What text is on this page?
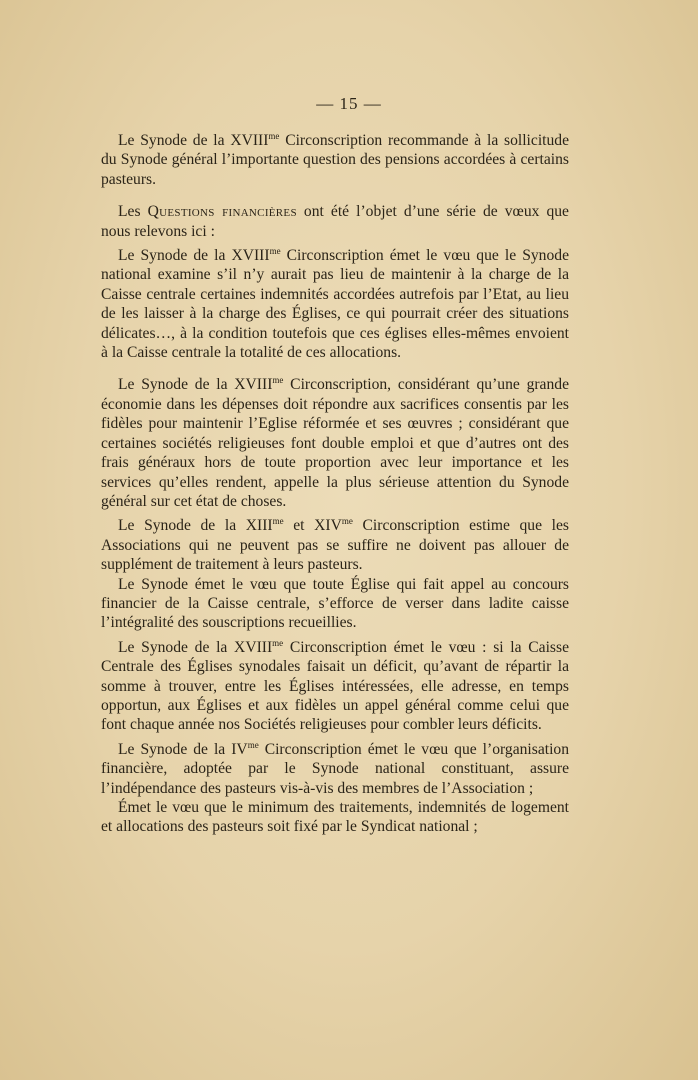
— 15 —

Le Synode de la $XVIII^{me}$ Circonscription recommande à la sollicitude du Synode général l’importante question des pensions accordées à certains pasteurs.

Les Questions financières ont été l’objet d’une série de vœux que nous relevons ici :

Le Synode de la $XVIII^{me}$ Circonscription émet le vœu que le Synode national examine s’il n’y aurait pas lieu de maintenir à la charge de la Caisse centrale certaines indemnités accordées autrefois par l’Etat, au lieu de les laisser à la charge des Églises, ce qui pourrait créer des situations délicates…, à la condition toutefois que ces églises elles-mêmes envoient à la Caisse centrale la totalité de ces allocations.

Le Synode de la $XVIII^{me}$ Circonscription, considérant qu’une grande économie dans les dépenses doit répondre aux sacrifices consentis par les fidèles pour maintenir l’Eglise réformée et ses œuvres ; considérant que certaines sociétés religieuses font double emploi et que d’autres ont des frais généraux hors de toute proportion avec leur importance et les services qu’elles rendent, appelle la plus sérieuse attention du Synode général sur cet état de choses.

Le Synode de la $XIII^{me}$ et $XIV^{me}$ Circonscription estime que les Associations qui ne peuvent pas se suffire ne doivent pas allouer de supplément de traitement à leurs pasteurs.

Le Synode émet le vœu que toute Église qui fait appel au concours financier de la Caisse centrale, s’efforce de verser dans ladite caisse l’intégralité des souscriptions recueillies.

Le Synode de la $XVIII^{me}$ Circonscription émet le vœu : si la Caisse Centrale des Églises synodales faisait un déficit, qu’avant de répartir la somme à trouver, entre les Églises intéressées, elle adresse, en temps opportun, aux Églises et aux fidèles un appel général comme celui que font chaque année nos Sociétés religieuses pour combler leurs déficits.

Le Synode de la $IV^{me}$ Circonscription émet le vœu que l’organisation financière, adoptée par le Synode national constituant, assure l’indépendance des pasteurs vis-à-vis des membres de l’Association ;

Émet le vœu que le minimum des traitements, indemnités de logement et allocations des pasteurs soit fixé par le Syndicat national ;
